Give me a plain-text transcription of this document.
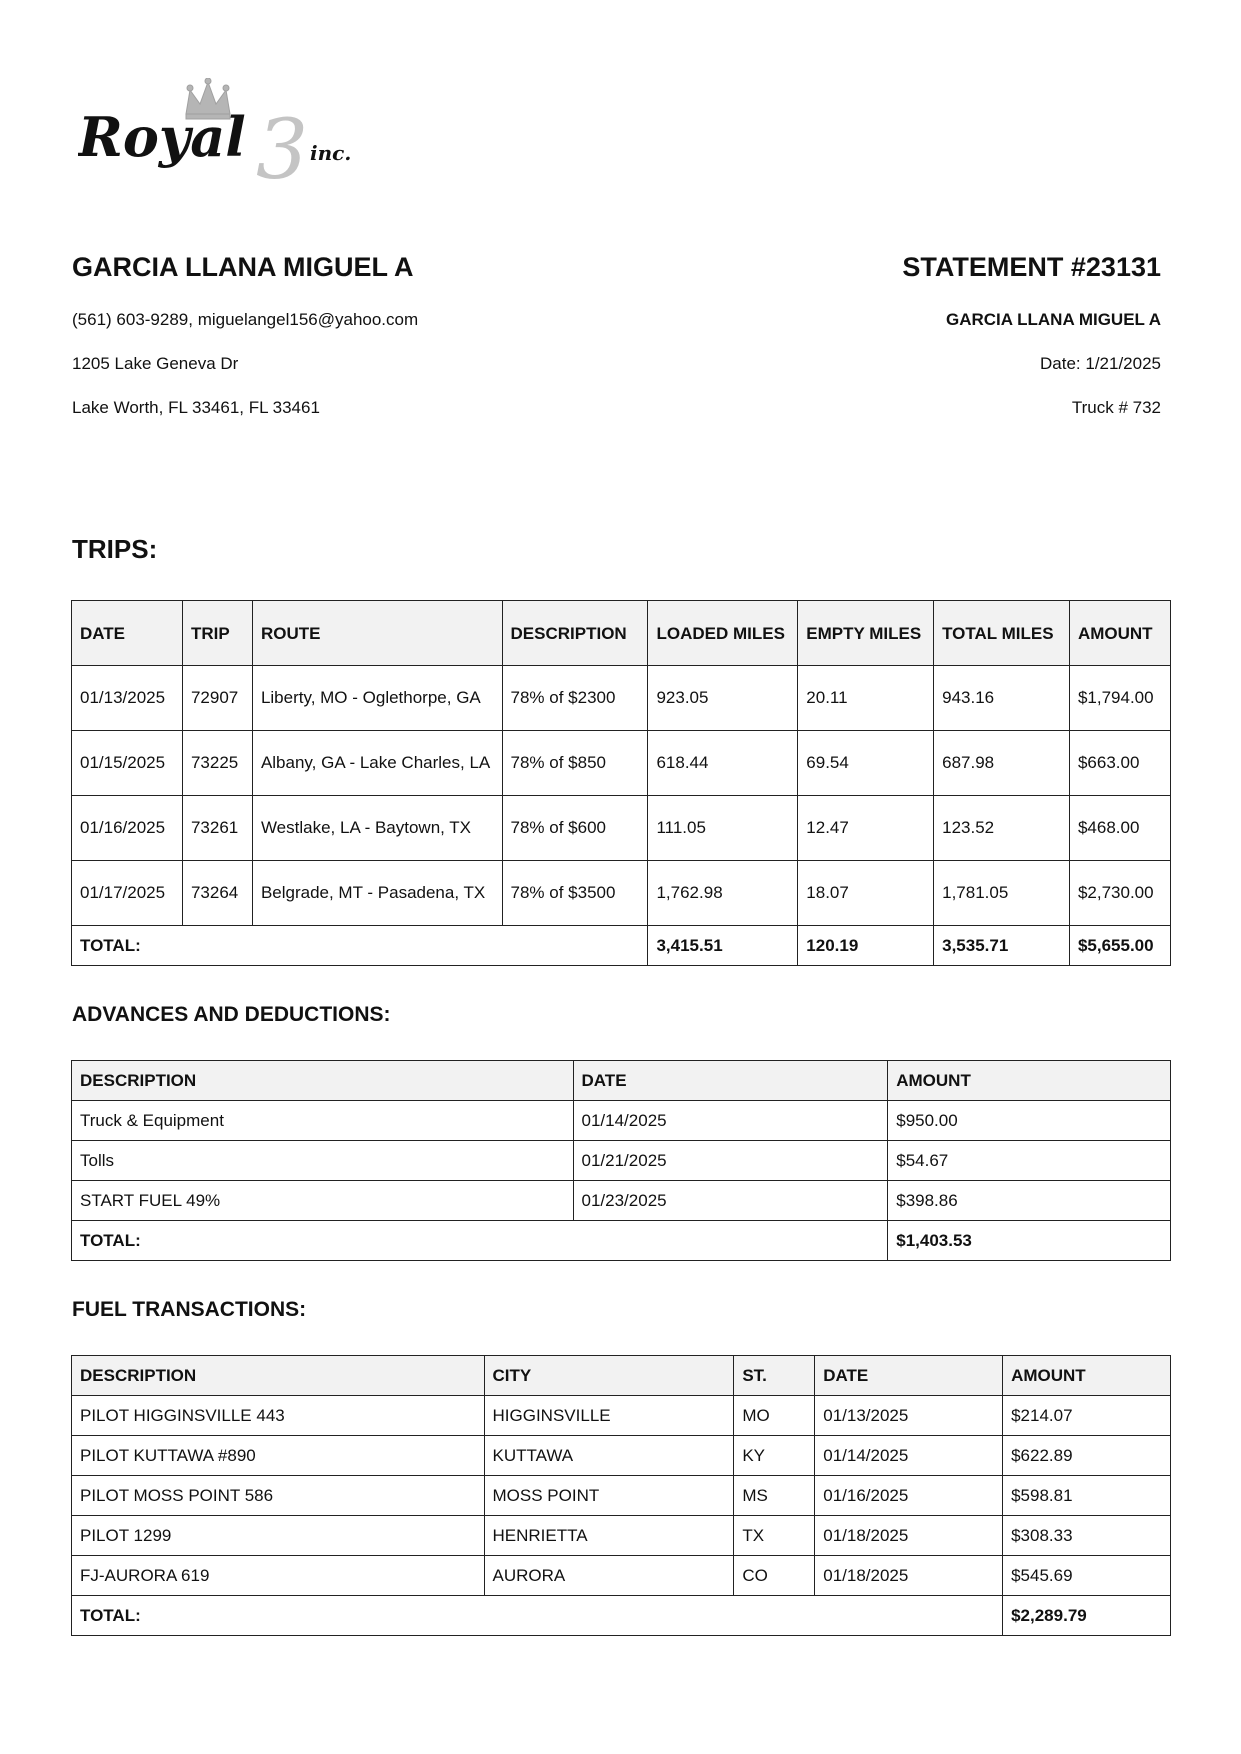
3
Royal	inc.
GARCIA LLANA MIGUEL A
(561) 603-9289, miguelangel156@yahoo.com
1205 Lake Geneva Dr
Lake Worth, FL 33461, FL 33461
STATEMENT #23131
GARCIA LLANA MIGUEL A
Date: 1/21/2025
Truck # 732
TRIPS:
DATE	TRIP	ROUTE	DESCRIPTION	LOADED MILES	EMPTY MILES	TOTAL MILES	AMOUNT
01/13/2025	72907	Liberty, MO - Oglethorpe, GA	78% of $2300	923.05	20.11	943.16	$1,794.00
01/15/2025	73225	Albany, GA - Lake Charles, LA	78% of $850	618.44	69.54	687.98	$663.00
01/16/2025	73261	Westlake, LA - Baytown, TX	78% of $600	111.05	12.47	123.52	$468.00
01/17/2025	73264	Belgrade, MT - Pasadena, TX	78% of $3500	1,762.98	18.07	1,781.05	$2,730.00
TOTAL:				3,415.51	120.19	3,535.71	$5,655.00
ADVANCES AND DEDUCTIONS:
DESCRIPTION	DATE	AMOUNT
Truck & Equipment	01/14/2025	$950.00
Tolls	01/21/2025	$54.67
START FUEL 49%	01/23/2025	$398.86
TOTAL:		$1,403.53
FUEL TRANSACTIONS:
DESCRIPTION	CITY	ST.	DATE	AMOUNT
PILOT HIGGINSVILLE 443	HIGGINSVILLE	MO	01/13/2025	$214.07
PILOT KUTTAWA #890	KUTTAWA	KY	01/14/2025	$622.89
PILOT MOSS POINT 586	MOSS POINT	MS	01/16/2025	$598.81
PILOT 1299	HENRIETTA	TX	01/18/2025	$308.33
FJ-AURORA 619	AURORA	CO	01/18/2025	$545.69
TOTAL:				$2,289.79
